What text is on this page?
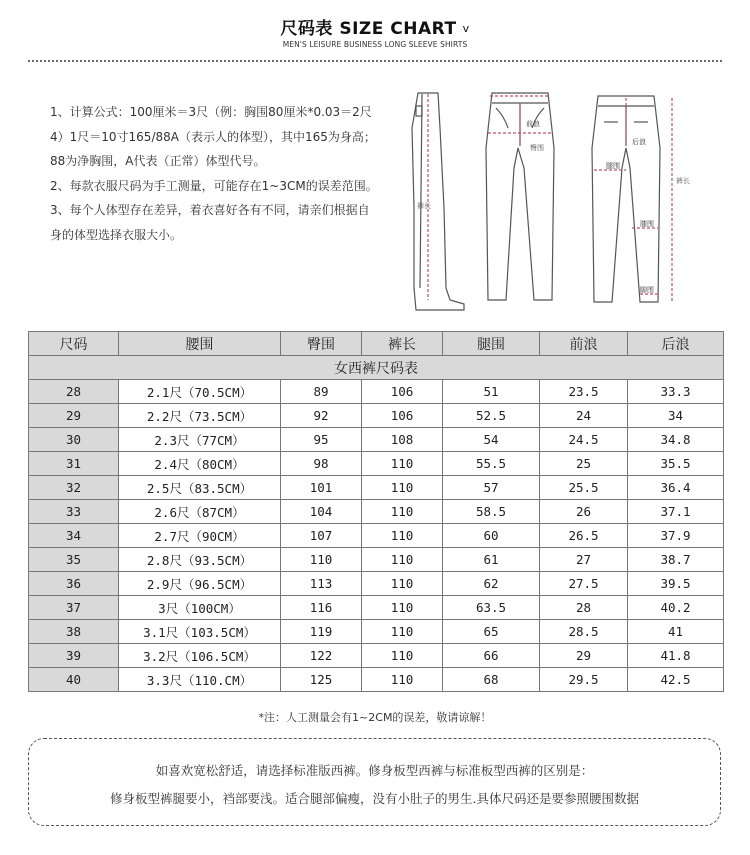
尺码表 SIZE CHART v
MEN'S LEISURE BUSINESS LONG SLEEVE SHIRTS

1、计算公式：100厘米＝3尺（例：胸围80厘米*0.03＝2尺

4）1尺＝10寸165/88A（表示人的体型），其中165为身高；

88为净胸围，A代表（正常）体型代号。

2、每款衣服尺码为手工测量，可能存在1~3CM的误差范围。

3、每个人体型存在差异，着衣喜好各有不同，请亲们根据自

身的体型选择衣服大小。

裤长
前浪
臀围
后浪
腿围
膝围
脚围
裤长
女西裤尺码表						
尺码	腰围	臀围	裤长	腿围	前浪	后浪
28	2.1尺（70.5CM）	89	106	51	23.5	33.3
29	2.2尺（73.5CM）	92	106	52.5	24	34
30	2.3尺（77CM）	95	108	54	24.5	34.8
31	2.4尺（80CM）	98	110	55.5	25	35.5
32	2.5尺（83.5CM）	101	110	57	25.5	36.4
33	2.6尺（87CM）	104	110	58.5	26	37.1
34	2.7尺（90CM）	107	110	60	26.5	37.9
35	2.8尺（93.5CM）	110	110	61	27	38.7
36	2.9尺（96.5CM）	113	110	62	27.5	39.5
37	3尺（100CM）	116	110	63.5	28	40.2
38	3.1尺（103.5CM）	119	110	65	28.5	41
39	3.2尺（106.5CM）	122	110	66	29	41.8
40	3.3尺（110.CM）	125	110	68	29.5	42.5
*注：人工测量会有1~2CM的误差，敬请谅解！

如喜欢宽松舒适，请选择标准版西裤。修身板型西裤与标准板型西裤的区别是：

修身板型裤腿要小，裆部要浅。适合腿部偏瘦，没有小肚子的男生.具体尺码还是要参照腰围数据
